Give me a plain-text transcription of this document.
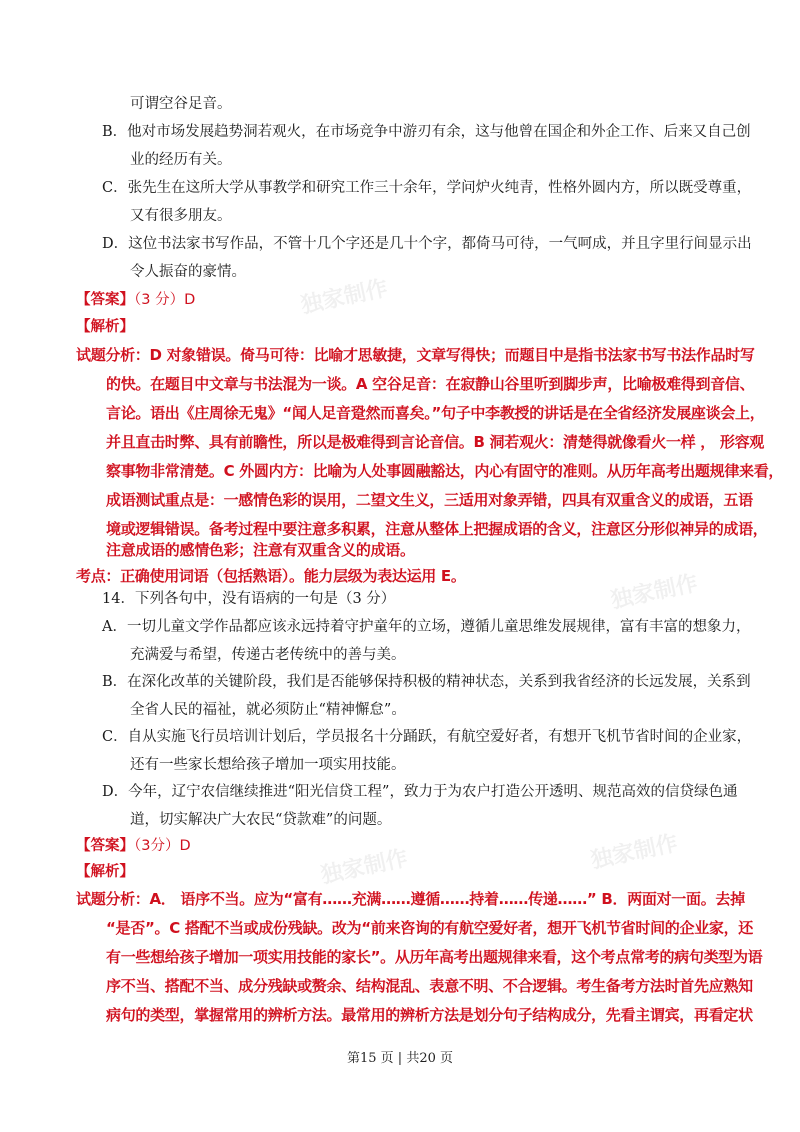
独家制作
独家制作
独家制作	独家制作
可谓空谷足音。
B．他对市场发展趋势洞若观火，在市场竞争中游刃有余，这与他曾在国企和外企工作、后来又自己创
业的经历有关。
C．张先生在这所大学从事教学和研究工作三十余年，学问炉火纯青，性格外圆内方，所以既受尊重，
又有很多朋友。
D．这位书法家书写作品，不管十几个字还是几十个字，都倚马可待，一气呵成，并且字里行间显示出
令人振奋的豪情。
【答案】（3 分）D
【解析】
试题分析：D 对象错误。倚马可待：比喻才思敏捷，文章写得快；而题目中是指书法家书写书法作品时写
的快。在题目中文章与书法混为一谈。A 空谷足音：在寂静山谷里听到脚步声，比喻极难得到音信、
言论。语出《庄周徐无鬼》“闻人足音跫然而喜矣。”句子中李教授的讲话是在全省经济发展座谈会上，
并且直击时弊、具有前瞻性，所以是极难得到言论音信。B 洞若观火：清楚得就像看火一样 ， 形容观
察事物非常清楚。C 外圆内方：比喻为人处事圆融豁达，内心有固守的准则。从历年高考出题规律来看，
成语测试重点是：一感情色彩的误用，二望文生义，三适用对象弄错，四具有双重含义的成语，五语
境或逻辑错误。备考过程中要注意多积累，注意从整体上把握成语的含义，注意区分形似神异的成语，
注意成语的感情色彩；注意有双重含义的成语。
考点：正确使用词语（包括熟语）。能力层级为表达运用 E。
14．下列各句中，没有语病的一句是（3 分）
A．一切儿童文学作品都应该永远持着守护童年的立场，遵循儿童思维发展规律，富有丰富的想象力，
充满爱与希望，传递古老传统中的善与美。
B．在深化改革的关键阶段，我们是否能够保持积极的精神状态，关系到我省经济的长远发展，关系到
全省人民的福祉，就必须防止“精神懈怠”。
C．自从实施飞行员培训计划后，学员报名十分踊跃，有航空爱好者，有想开飞机节省时间的企业家，
还有一些家长想给孩子增加一项实用技能。
D．今年，辽宁农信继续推进“阳光信贷工程”，致力于为农户打造公开透明、规范高效的信贷绿色通
道，切实解决广大农民“贷款难”的问题。
【答案】（3分）D
【解析】
试题分析：A． 语序不当。应为“富有……充满……遵循……持着……传递……” B．两面对一面。去掉
“是否”。C 搭配不当或成份残缺。改为“前来咨询的有航空爱好者，想开飞机节省时间的企业家，还
有一些想给孩子增加一项实用技能的家长”。从历年高考出题规律来看，这个考点常考的病句类型为语
序不当、搭配不当、成分残缺或赘余、结构混乱、表意不明、不合逻辑。考生备考方法时首先应熟知
病句的类型，掌握常用的辨析方法。最常用的辨析方法是划分句子结构成分，先看主谓宾，再看定状
第15 页 | 共20 页
